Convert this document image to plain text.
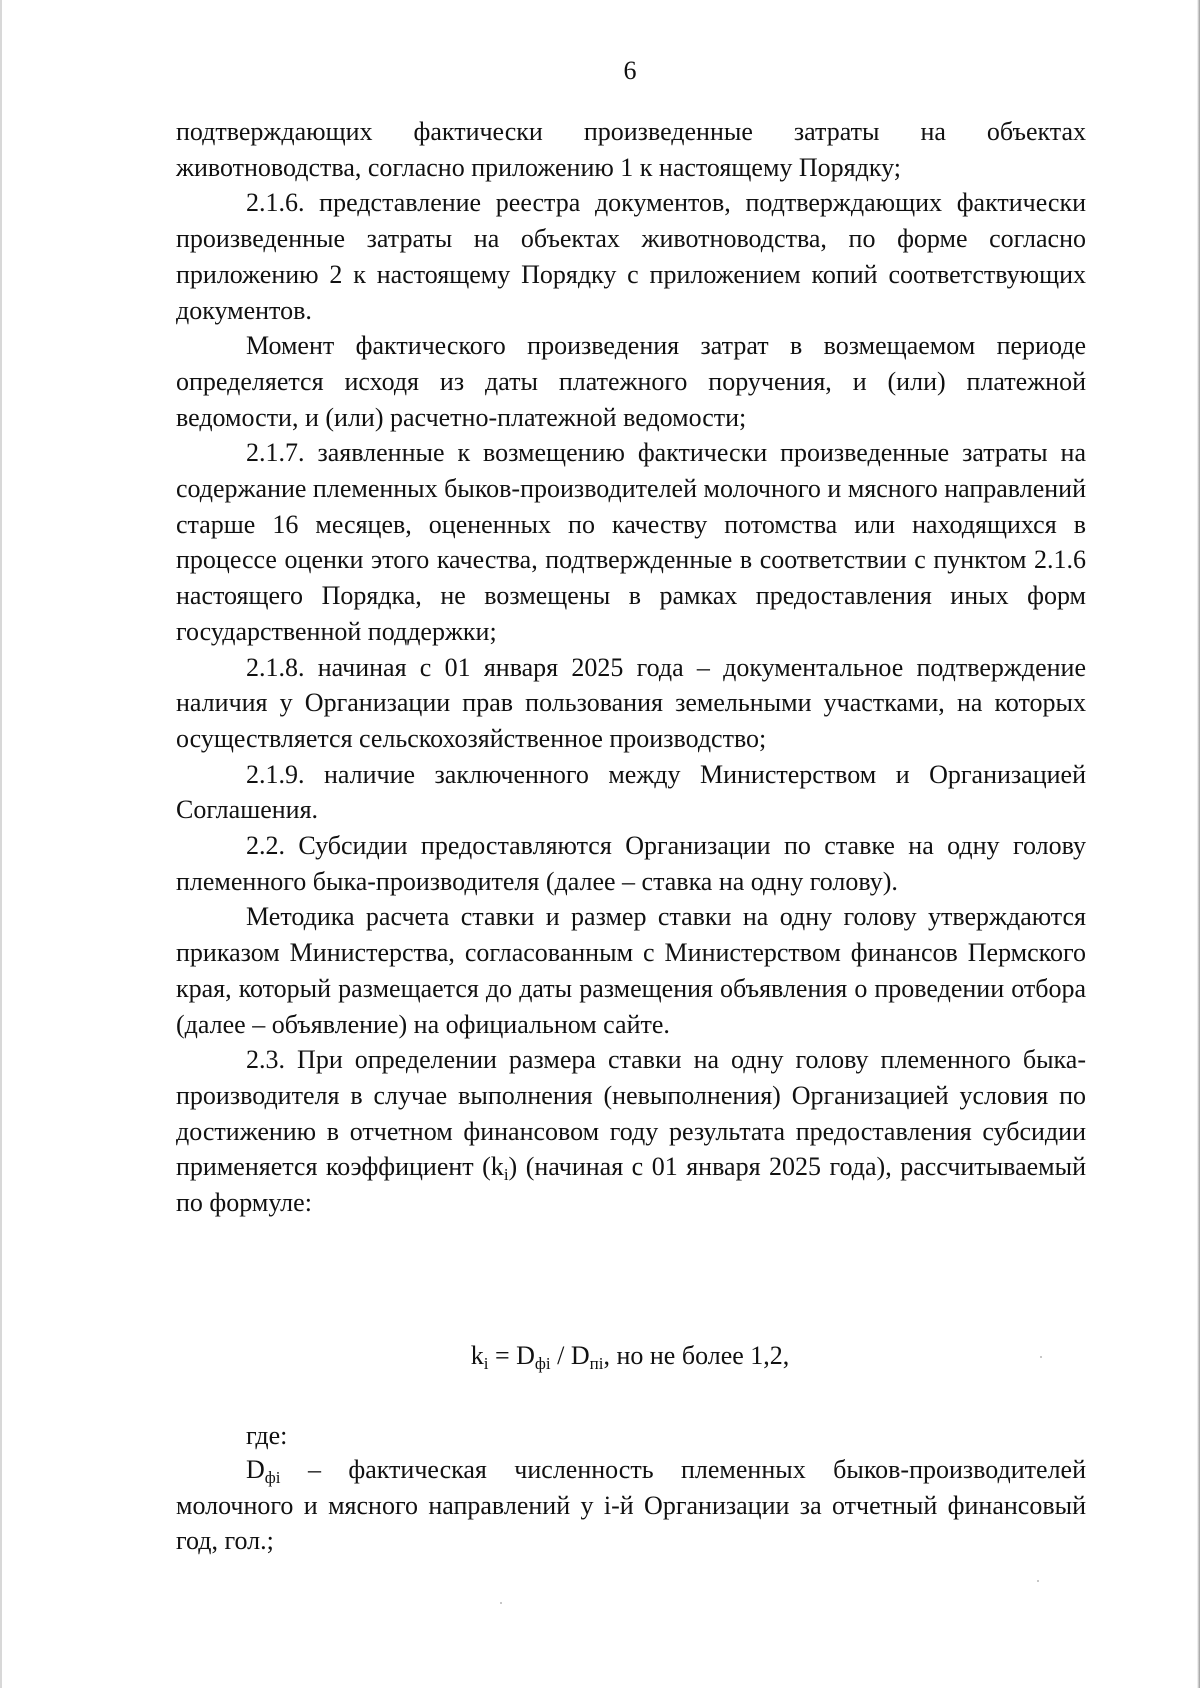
6

подтверждающих фактически произведенные затраты на объектах животноводства, согласно приложению 1 к настоящему Порядку;

2.1.6. представление реестра документов, подтверждающих фактически произведенные затраты на объектах животноводства, по форме согласно приложению 2 к настоящему Порядку с приложением копий соответствующих документов.

Момент фактического произведения затрат в возмещаемом периоде определяется исходя из даты платежного поручения, и (или) платежной ведомости, и (или) расчетно-платежной ведомости;

2.1.7. заявленные к возмещению фактически произведенные затраты на содержание племенных быков-производителей молочного и мясного направлений старше 16 месяцев, оцененных по качеству потомства или находящихся в процессе оценки этого качества, подтвержденные в соответствии с пунктом 2.1.6 настоящего Порядка, не возмещены в рамках предоставления иных форм государственной поддержки;

2.1.8. начиная с 01 января 2025 года – документальное подтверждение наличия у Организации прав пользования земельными участками, на которых осуществляется сельскохозяйственное производство;

2.1.9. наличие заключенного между Министерством и Организацией Соглашения.

2.2. Субсидии предоставляются Организации по ставке на одну голову племенного быка-производителя (далее – ставка на одну голову).

Методика расчета ставки и размер ставки на одну голову утверждаются приказом Министерства, согласованным с Министерством финансов Пермского края, который размещается до даты размещения объявления о проведении отбора (далее – объявление) на официальном сайте.

2.3. При определении размера ставки на одну голову племенного быка-производителя в случае выполнения (невыполнения) Организацией условия по достижению в отчетном финансовом году результата предоставления субсидии применяется коэффициент $(k_i)$ (начиная с 01 января 2025 года), рассчитываемый по формуле:

$k_i = D_{фi} / D_{пi}$, но не более 1,2,
где:

$D_{фi}$ – фактическая численность племенных быков-производителей молочного и мясного направлений у i-й Организации за отчетный финансовый год, гол.;
